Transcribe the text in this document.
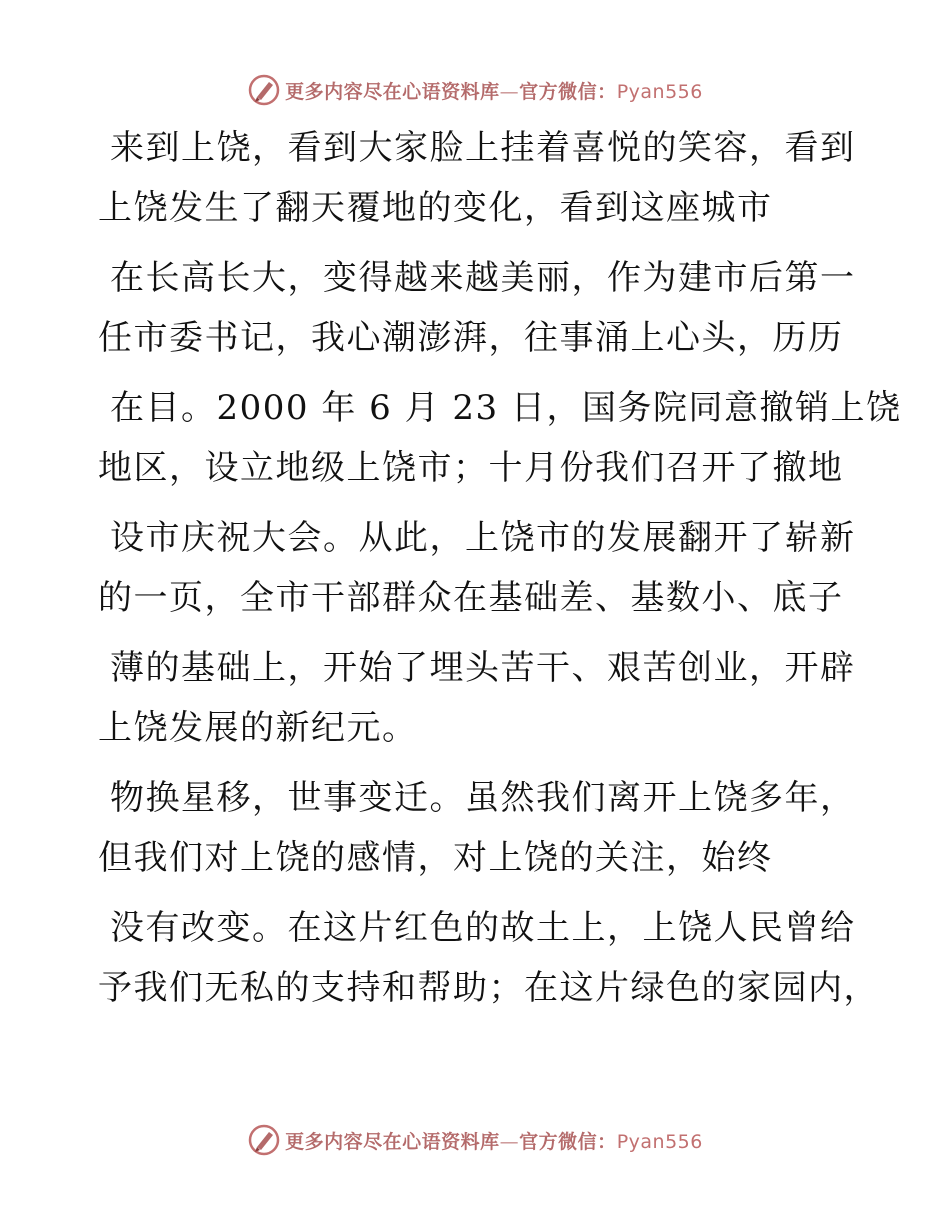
更多内容尽在心语资料库—官方微信：Pyan556
来到上饶，看到大家脸上挂着喜悦的笑容，看到
上饶发生了翻天覆地的变化，看到这座城市
在长高长大，变得越来越美丽，作为建市后第一
任市委书记，我心潮澎湃，往事涌上心头，历历
在目。2000 年 6 月 23 日，国务院同意撤销上饶
地区，设立地级上饶市；十月份我们召开了撤地
设市庆祝大会。从此，上饶市的发展翻开了崭新
的一页，全市干部群众在基础差、基数小、底子
薄的基础上，开始了埋头苦干、艰苦创业，开辟
上饶发展的新纪元。
物换星移，世事变迁。虽然我们离开上饶多年，
但我们对上饶的感情，对上饶的关注，始终
没有改变。在这片红色的故土上，上饶人民曾给
予我们无私的支持和帮助；在这片绿色的家园内，
更多内容尽在心语资料库—官方微信：Pyan556
